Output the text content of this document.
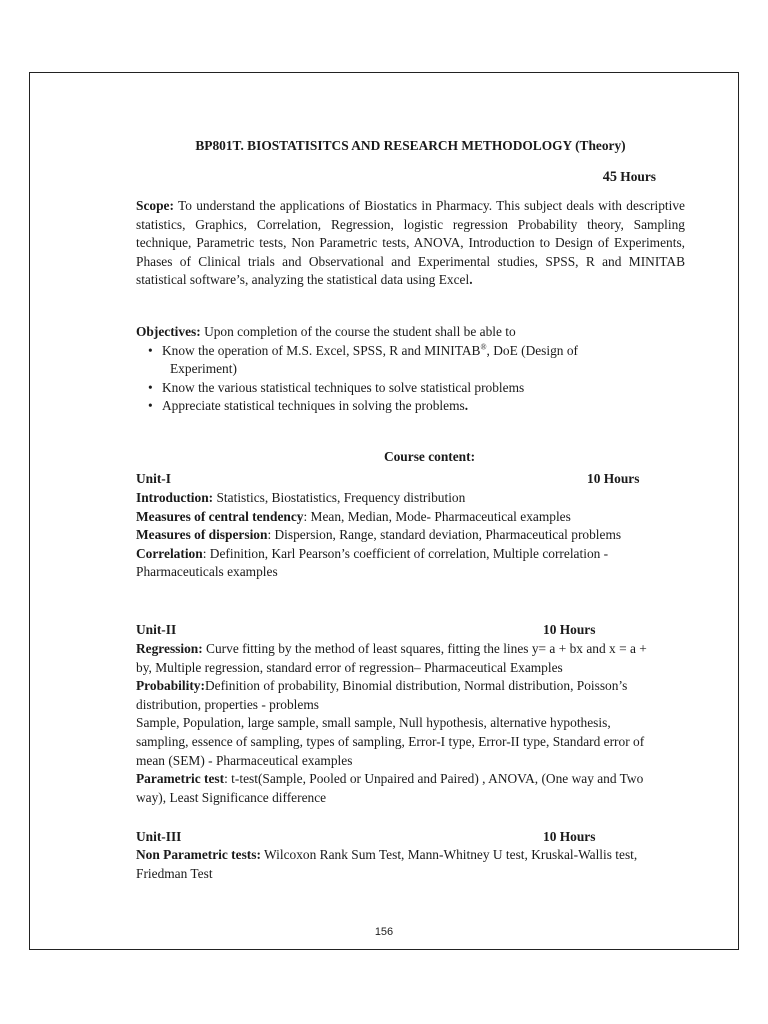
BP801T. BIOSTATISITCS AND RESEARCH METHODOLOGY (Theory)

45 Hours

Scope: To understand the applications of Biostatics in Pharmacy. This subject deals with descriptive statistics, Graphics, Correlation, Regression, logistic regression Probability theory, Sampling technique, Parametric tests, Non Parametric tests, ANOVA, Introduction to Design of Experiments, Phases of Clinical trials and Observational and Experimental studies, SPSS, R and MINITAB statistical software’s, analyzing the statistical data using Excel.

Objectives: Upon completion of the course the student shall be able to
• Know the operation of M.S. Excel, SPSS, R and MINITAB®, DoE (Design of
Experiment)
• Know the various statistical techniques to solve statistical problems
• Appreciate statistical techniques in solving the problems.

Course content:

Unit-I	10 Hours

Introduction: Statistics, Biostatistics, Frequency distribution
Measures of central tendency: Mean, Median, Mode- Pharmaceutical examples
Measures of dispersion: Dispersion, Range, standard deviation, Pharmaceutical problems
Correlation: Definition, Karl Pearson’s coefficient of correlation, Multiple correlation - Pharmaceuticals examples

Unit-II	10 Hours

Regression: Curve fitting by the method of least squares, fitting the lines y= a + bx and x = a + by, Multiple regression, standard error of regression– Pharmaceutical Examples
Probability:Definition of probability, Binomial distribution, Normal distribution, Poisson’s distribution, properties - problems
Sample, Population, large sample, small sample, Null hypothesis, alternative hypothesis, sampling, essence of sampling, types of sampling, Error-I type, Error-II type, Standard error of mean (SEM) - Pharmaceutical examples
Parametric test: t-test(Sample, Pooled or Unpaired and Paired) , ANOVA, (One way and Two way), Least Significance difference

Unit-III	10 Hours

Non Parametric tests: Wilcoxon Rank Sum Test, Mann-Whitney U test, Kruskal-Wallis test, Friedman Test

156
